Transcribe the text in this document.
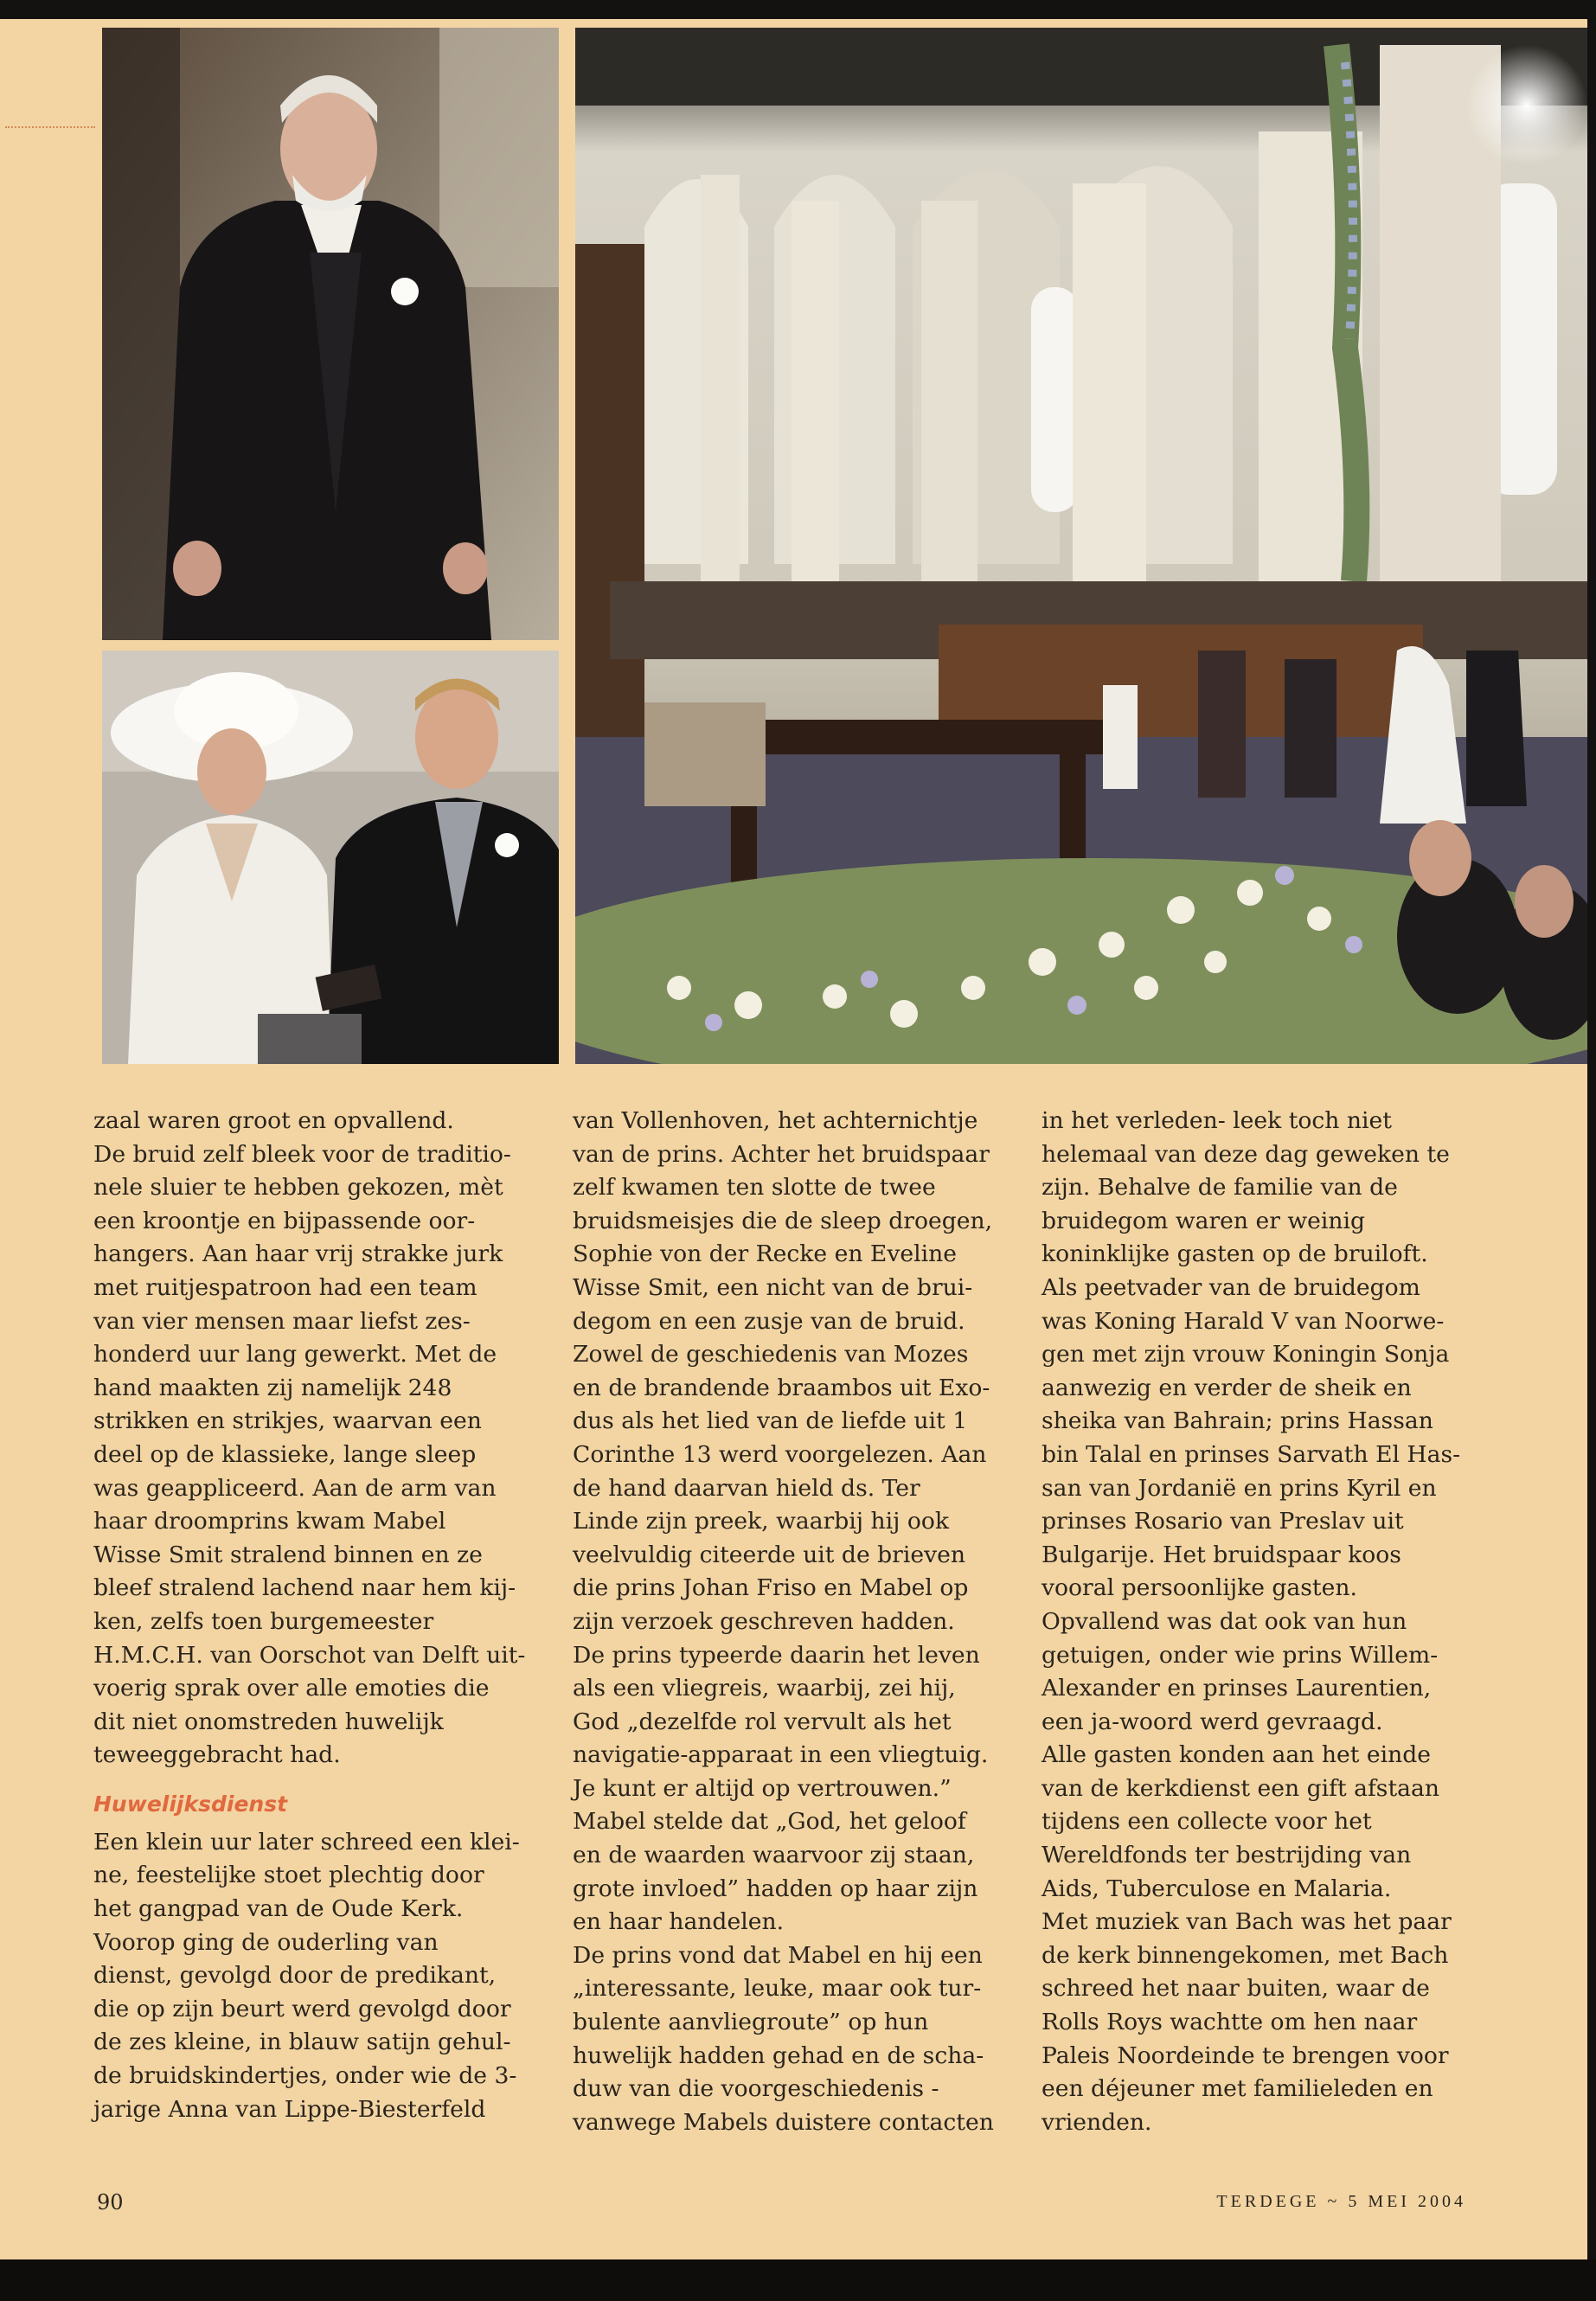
zaal waren groot en opvallend.

De bruid zelf bleek voor de traditio-

nele sluier te hebben gekozen, mèt

een kroontje en bijpassende oor-

hangers. Aan haar vrij strakke jurk

met ruitjespatroon had een team

van vier mensen maar liefst zes-

honderd uur lang gewerkt. Met de

hand maakten zij namelijk 248

strikken en strikjes, waarvan een

deel op de klassieke, lange sleep

was geappliceerd. Aan de arm van

haar droomprins kwam Mabel

Wisse Smit stralend binnen en ze

bleef stralend lachend naar hem kij-

ken, zelfs toen burgemeester

H.M.C.H. van Oorschot van Delft uit-

voerig sprak over alle emoties die

dit niet onomstreden huwelijk

teweeggebracht had.

Huwelijksdienst

Een klein uur later schreed een klei-

ne, feestelijke stoet plechtig door

het gangpad van de Oude Kerk.

Voorop ging de ouderling van

dienst, gevolgd door de predikant,

die op zijn beurt werd gevolgd door

de zes kleine, in blauw satijn gehul-

de bruidskindertjes, onder wie de 3-

jarige Anna van Lippe-Biesterfeld

van Vollenhoven, het achternichtje

van de prins. Achter het bruidspaar

zelf kwamen ten slotte de twee

bruidsmeisjes die de sleep droegen,

Sophie von der Recke en Eveline

Wisse Smit, een nicht van de brui-

degom en een zusje van de bruid.

Zowel de geschiedenis van Mozes

en de brandende braambos uit Exo-

dus als het lied van de liefde uit 1

Corinthe 13 werd voorgelezen. Aan

de hand daarvan hield ds. Ter

Linde zijn preek, waarbij hij ook

veelvuldig citeerde uit de brieven

die prins Johan Friso en Mabel op

zijn verzoek geschreven hadden.

De prins typeerde daarin het leven

als een vliegreis, waarbij, zei hij,

God „dezelfde rol vervult als het

navigatie-apparaat in een vliegtuig.

Je kunt er altijd op vertrouwen.”

Mabel stelde dat „God, het geloof

en de waarden waarvoor zij staan,

grote invloed” hadden op haar zijn

en haar handelen.

De prins vond dat Mabel en hij een

„interessante, leuke, maar ook tur-

bulente aanvliegroute” op hun

huwelijk hadden gehad en de scha-

duw van die voorgeschiedenis -

vanwege Mabels duistere contacten

in het verleden- leek toch niet

helemaal van deze dag geweken te

zijn. Behalve de familie van de

bruidegom waren er weinig

koninklijke gasten op de bruiloft.

Als peetvader van de bruidegom

was Koning Harald V van Noorwe-

gen met zijn vrouw Koningin Sonja

aanwezig en verder de sheik en

sheika van Bahrain; prins Hassan

bin Talal en prinses Sarvath El Has-

san van Jordanië en prins Kyril en

prinses Rosario van Preslav uit

Bulgarije. Het bruidspaar koos

vooral persoonlijke gasten.

Opvallend was dat ook van hun

getuigen, onder wie prins Willem-

Alexander en prinses Laurentien,

een ja-woord werd gevraagd.

Alle gasten konden aan het einde

van de kerkdienst een gift afstaan

tijdens een collecte voor het

Wereldfonds ter bestrijding van

Aids, Tuberculose en Malaria.

Met muziek van Bach was het paar

de kerk binnengekomen, met Bach

schreed het naar buiten, waar de

Rolls Roys wachtte om hen naar

Paleis Noordeinde te brengen voor

een déjeuner met familieleden en

vrienden.

90	TERDEGE ~ 5 MEI 2004
